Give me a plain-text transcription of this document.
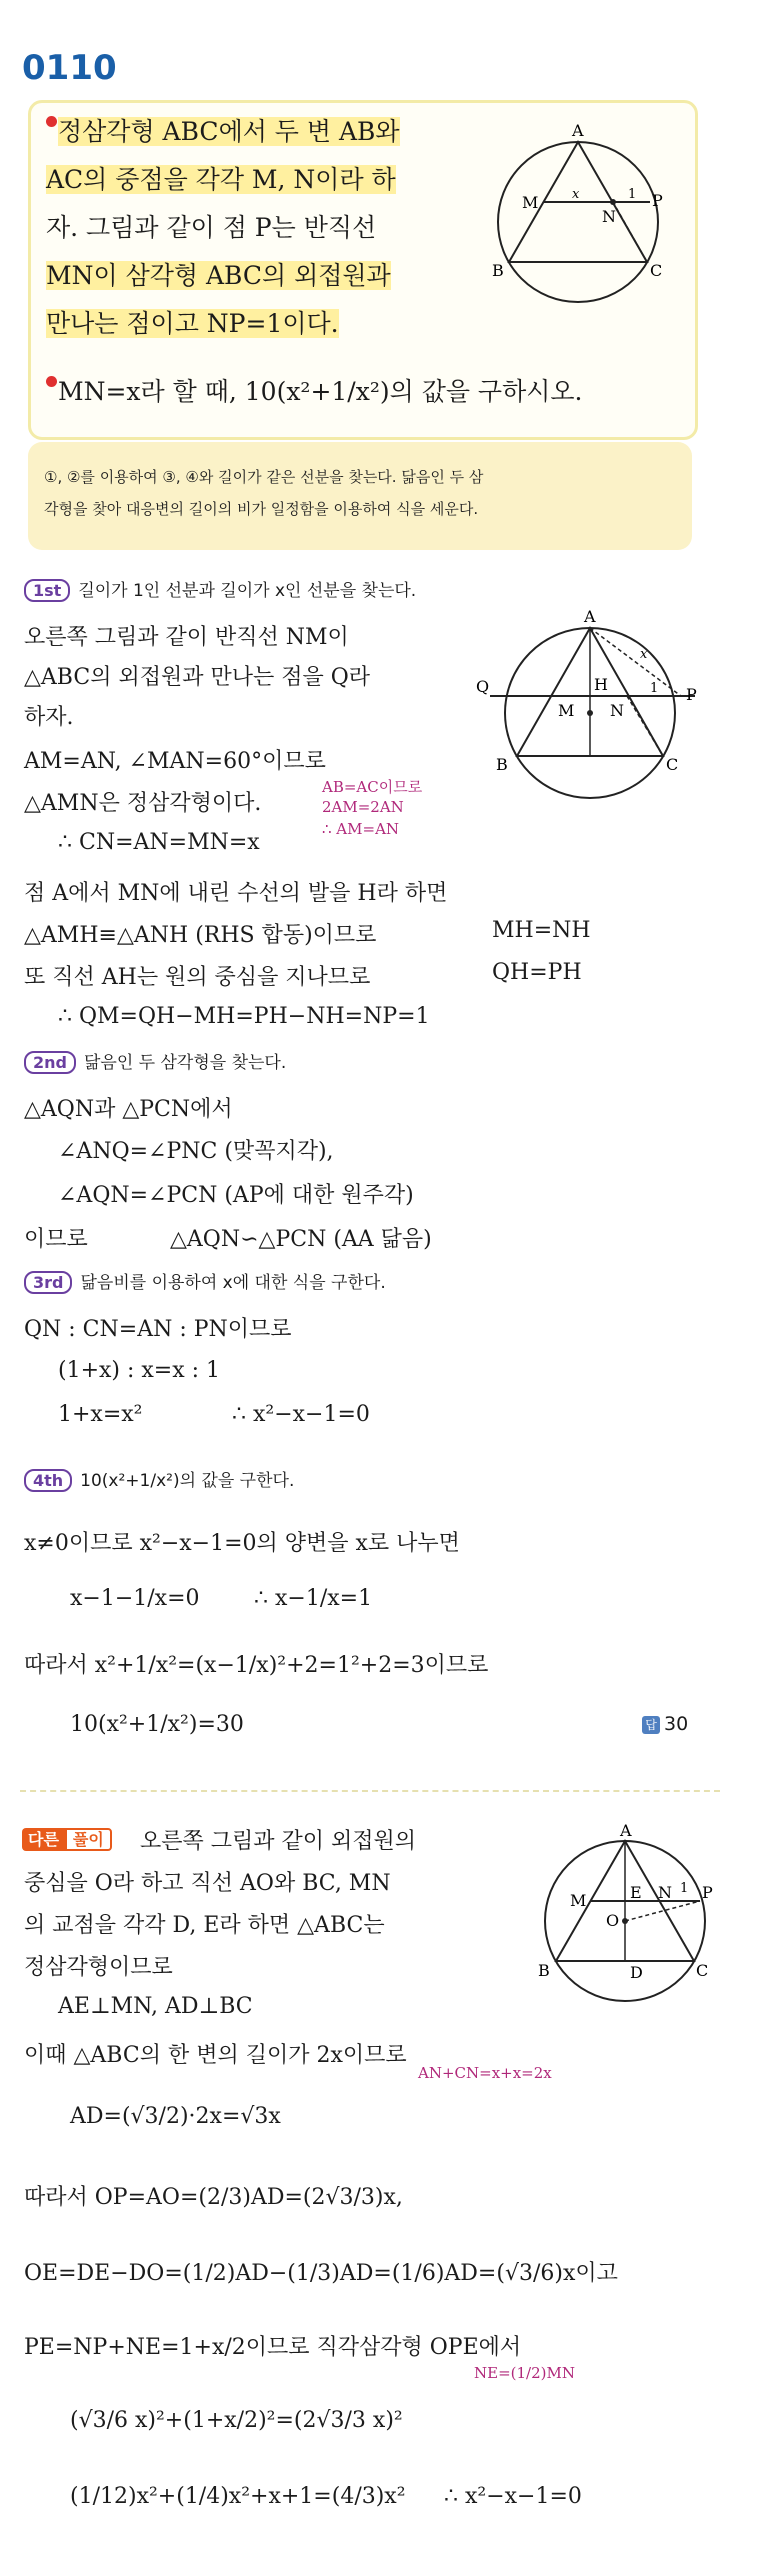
0110
정삼각형 ABC에서 두 변 AB와
AC의 중점을 각각 M, N이라 하
자. 그림과 같이 점 P는 반직선
MN이 삼각형 ABC의 외접원과
만나는 점이고 NP=1이다.
MN=x라 할 때, 10(x²+1/x²)의 값을 구하시오.
A
B	C
M
N
P
x	1
①, ②를 이용하여 ③, ④와 길이가 같은 선분을 찾는다. 닮음인 두 삼
각형을 찾아 대응변의 길이의 비가 일정함을 이용하여 식을 세운다.
1st 길이가 1인 선분과 길이가 x인 선분을 찾는다.
오른쪽 그림과 같이 반직선 NM이
△ABC의 외접원과 만나는 점을 Q라
하자.
AM=AN, ∠MAN=60°이므로
△AMN은 정삼각형이다.
AB=AC이므로
2AM=2AN
∴ AM=AN
∴ CN=AN=MN=x
A
B	C
Q
M
H
N
P
x
1
점 A에서 MN에 내린 수선의 발을 H라 하면
△AMH≡△ANH (RHS 합동)이므로	MH=NH
또 직선 AH는 원의 중심을 지나므로	QH=PH
∴ QM=QH−MH=PH−NH=NP=1
2nd 닮음인 두 삼각형을 찾는다.
△AQN과 △PCN에서
∠ANQ=∠PNC (맞꼭지각),
∠AQN=∠PCN (AP에 대한 원주각)
이므로	△AQN∽△PCN (AA 닮음)
3rd 닮음비를 이용하여 x에 대한 식을 구한다.
QN : CN=AN : PN이므로
(1+x) : x=x : 1
1+x=x²	∴ x²−x−1=0
4th 10(x²+1/x²)의 값을 구한다.
x≠0이므로 x²−x−1=0의 양변을 x로 나누면
x−1−1/x=0 ∴ x−1/x=1
따라서 x²+1/x²=(x−1/x)²+2=1²+2=3이므로
10(x²+1/x²)=30	답 30
다른 풀이	오른쪽 그림과 같이 외접원의
중심을 O라 하고 직선 AO와 BC, MN
의 교점을 각각 D, E라 하면 △ABC는
정삼각형이므로
AE⊥MN, AD⊥BC
이때 △ABC의 한 변의 길이가 2x이므로
AN+CN=x+x=2x
AD=(√3/2)·2x=√3x
따라서 OP=AO=(2/3)AD=(2√3/3)x,
OE=DE−DO=(1/2)AD−(1/3)AD=(1/6)AD=(√3/6)x이고
PE=NP+NE=1+x/2이므로 직각삼각형 OPE에서
NE=(1/2)MN
(√3/6 x)²+(1+x/2)²=(2√3/3 x)²
(1/12)x²+(1/4)x²+x+1=(4/3)x² ∴ x²−x−1=0
A
B	C
M	E N P
O
D
1
